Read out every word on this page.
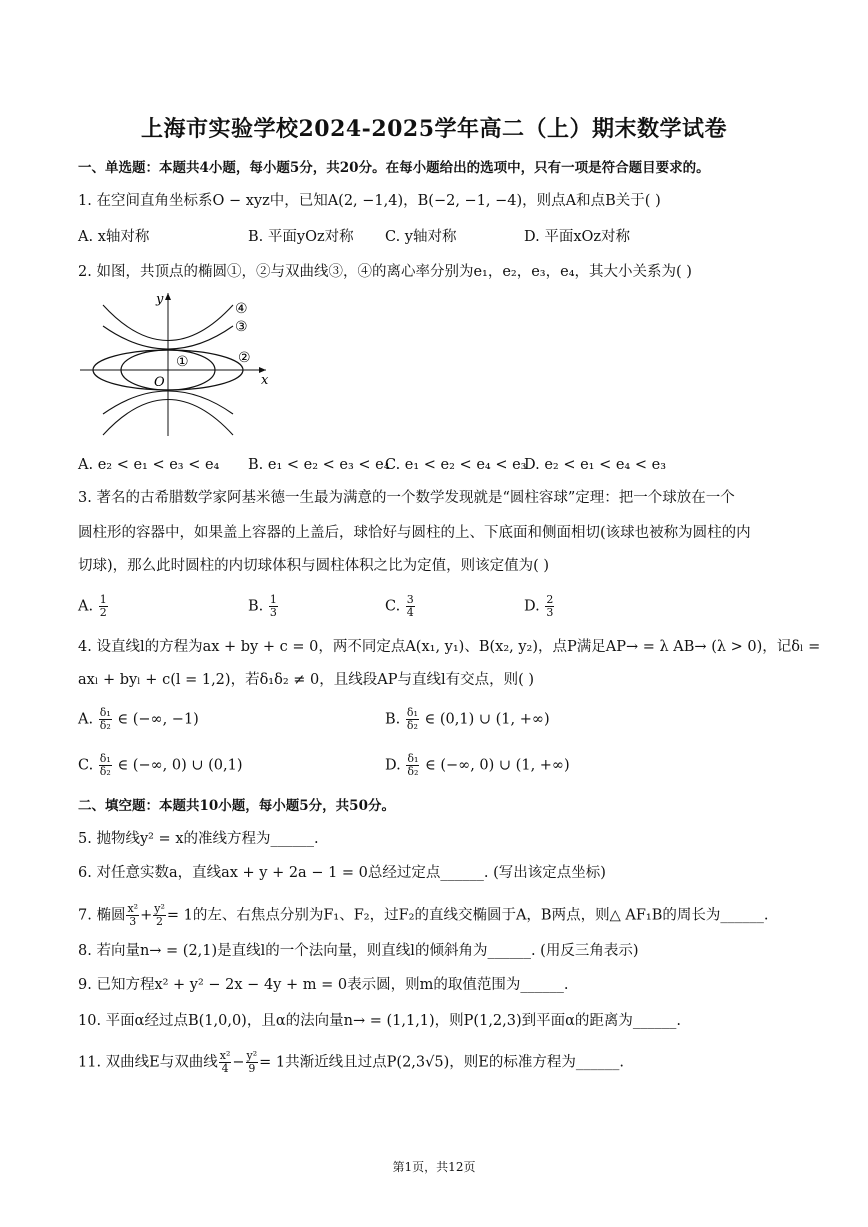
上海市实验学校2024-2025学年高二（上）期末数学试卷
一、单选题：本题共4小题，每小题5分，共20分。在每小题给出的选项中，只有一项是符合题目要求的。
1. 在空间直角坐标系O − xyz中，已知A(2, −1,4)，B(−2, −1, −4)，则点A和点B关于( )
A. x轴对称	B. 平面yOz对称 C. y轴对称	D. 平面xOz对称
2. 如图，共顶点的椭圆①，②与双曲线③，④的离心率分别为e₁，e₂，e₃，e₄，其大小关系为( )
y
x
O
①	②
③
④
A. e₂ < e₁ < e₃ < e₄ B. e₁ < e₂ < e₃ < e₄
C. e₁ < e₂ < e₄ < e₃
D. e₂ < e₁ < e₄ < e₃
3. 著名的古希腊数学家阿基米德一生最为满意的一个数学发现就是“圆柱容球”定理：把一个球放在一个
圆柱形的容器中，如果盖上容器的上盖后，球恰好与圆柱的上、下底面和侧面相切(该球也被称为圆柱的内
切球)，那么此时圆柱的内切球体积与圆柱体积之比为定值，则该定值为( )
A. $\frac{1}{2}$	B. $\frac{1}{3}$	C. $\frac{3}{4}$	D. $\frac{2}{3}$
4. 设直线l的方程为ax + by + c = 0，两不同定点A(x₁, y₁)、B(x₂, y₂)，点P满足AP→ = λ AB→ (λ > 0)，记δₗ =
axₗ + byₗ + c(l = 1,2)，若δ₁δ₂ ≠ 0，且线段AP与直线l有交点，则( )
A. $\frac{\text{δ₁}}{\text{δ₂}}$ ∈ (−∞, −1)	B. $\frac{\text{δ₁}}{\text{δ₂}}$ ∈ (0,1) ∪ (1, +∞)
C. $\frac{\text{δ₁}}{\text{δ₂}}$ ∈ (−∞, 0) ∪ (0,1)	D. $\frac{\text{δ₁}}{\text{δ₂}}$ ∈ (−∞, 0) ∪ (1, +∞)
二、填空题：本题共10小题，每小题5分，共50分。
5. 抛物线y² = x的准线方程为______.
6. 对任意实数a，直线ax + y + 2a − 1 = 0总经过定点______. (写出该定点坐标)
7. 椭圆 $\frac{\text{x²}}{3} + \frac{\text{y²}}{2} = 1$的左、右焦点分别为F₁、F₂，过F₂的直线交椭圆于A，B两点，则△ AF₁B的周长为______.
8. 若向量n→ = (2,1)是直线l的一个法向量，则直线l的倾斜角为______. (用反三角表示)
9. 已知方程x² + y² − 2x − 4y + m = 0表示圆，则m的取值范围为______.
10. 平面α经过点B(1,0,0)，且α的法向量n→ = (1,1,1)，则P(1,2,3)到平面α的距离为______.
11. 双曲线E与双曲线 $\frac{\text{x²}}{4} - \frac{\text{y²}}{9} = 1$共渐近线且过点P(2,3√5)，则E的标准方程为______.
第1页，共12页
